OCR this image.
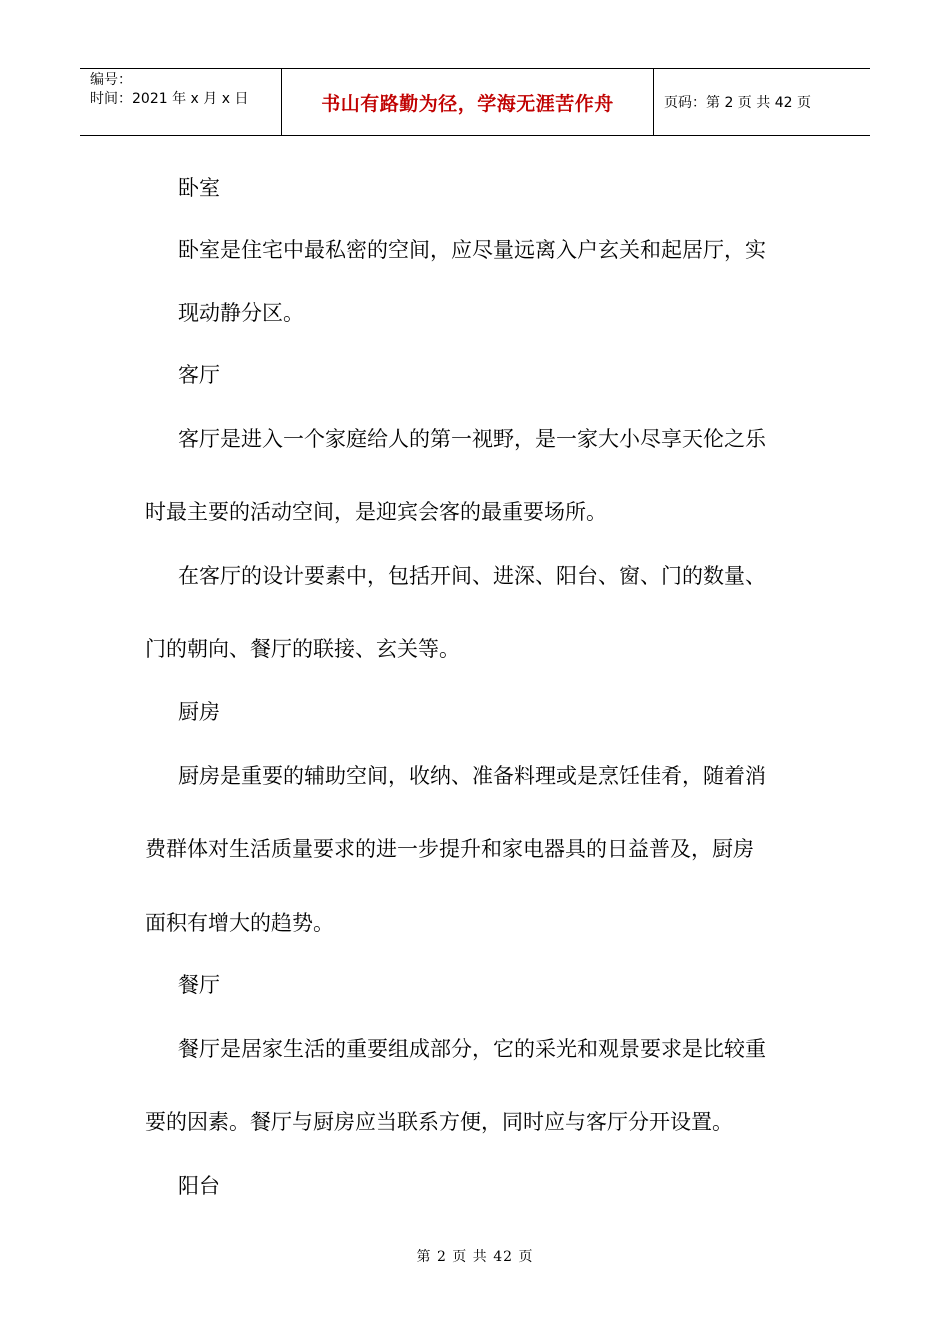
编号：
时间：2021 年 x 月 x 日	书山有路勤为径，学海无涯苦作舟	页码：第 2 页 共 42 页

卧室

卧室是住宅中最私密的空间，应尽量远离入户玄关和起居厅，实

现动静分区。

客厅

客厅是进入一个家庭给人的第一视野，是一家大小尽享天伦之乐

时最主要的活动空间，是迎宾会客的最重要场所。

在客厅的设计要素中，包括开间、进深、阳台、窗、门的数量、

门的朝向、餐厅的联接、玄关等。

厨房

厨房是重要的辅助空间，收纳、准备料理或是烹饪佳肴，随着消

费群体对生活质量要求的进一步提升和家电器具的日益普及，厨房

面积有增大的趋势。

餐厅

餐厅是居家生活的重要组成部分，它的采光和观景要求是比较重

要的因素。餐厅与厨房应当联系方便，同时应与客厅分开设置。

阳台

第 2 页 共 42 页
